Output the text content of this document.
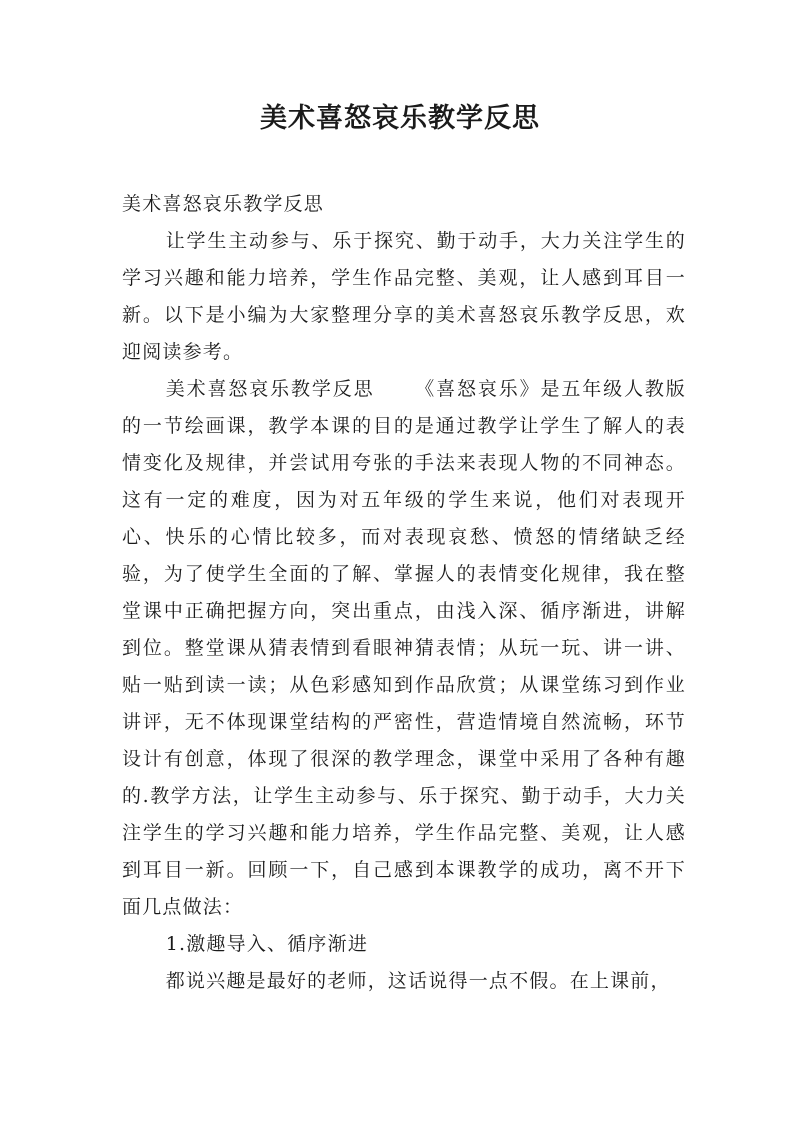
美术喜怒哀乐教学反思

美术喜怒哀乐教学反思

让学生主动参与、乐于探究、勤于动手，大力关注学生的学习兴趣和能力培养，学生作品完整、美观，让人感到耳目一新。以下是小编为大家整理分享的美术喜怒哀乐教学反思，欢迎阅读参考。

美术喜怒哀乐教学反思 《喜怒哀乐》是五年级人教版的一节绘画课，教学本课的目的是通过教学让学生了解人的表情变化及规律，并尝试用夸张的手法来表现人物的不同神态。这有一定的难度，因为对五年级的学生来说，他们对表现开心、快乐的心情比较多，而对表现哀愁、愤怒的情绪缺乏经验，为了使学生全面的了解、掌握人的表情变化规律，我在整堂课中正确把握方向，突出重点，由浅入深、循序渐进，讲解到位。整堂课从猜表情到看眼神猜表情；从玩一玩、讲一讲、贴一贴到读一读；从色彩感知到作品欣赏；从课堂练习到作业讲评，无不体现课堂结构的严密性，营造情境自然流畅，环节设计有创意，体现了很深的教学理念，课堂中采用了各种有趣的.教学方法，让学生主动参与、乐于探究、勤于动手，大力关注学生的学习兴趣和能力培养，学生作品完整、美观，让人感到耳目一新。回顾一下，自己感到本课教学的成功，离不开下面几点做法：

1.激趣导入、循序渐进

都说兴趣是最好的老师，这话说得一点不假。在上课前，
